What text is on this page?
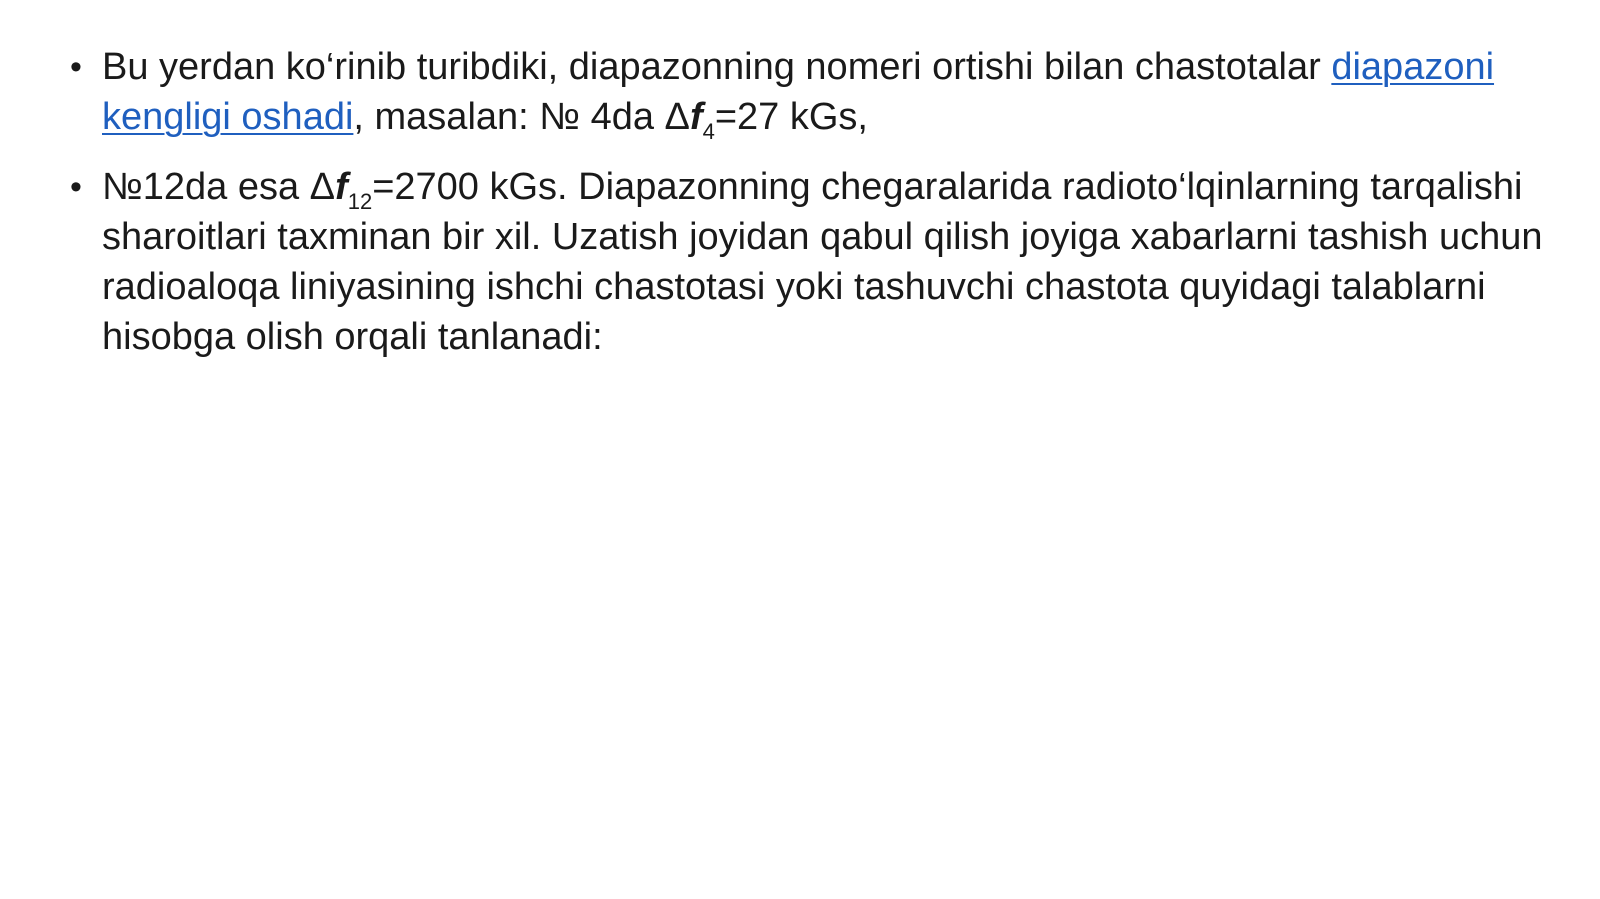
• Bu yerdan ko‘rinib turibdiki, diapazonning nomeri ortishi bilan chastotalar diapazoni kengligi oshadi, masalan: № 4da $\Delta f_4=27$ kGs,
• №12da esa $\Delta f_{12}=2700$ kGs. Diapazonning chegaralarida radioto‘lqinlarning tarqalishi sharoitlari taxminan bir xil. Uzatish joyidan qabul qilish joyiga xabarlarni tashish uchun radioaloqa liniyasining ishchi chastotasi yoki tashuvchi chastota quyidagi talablarni hisobga olish orqali tanlanadi:
